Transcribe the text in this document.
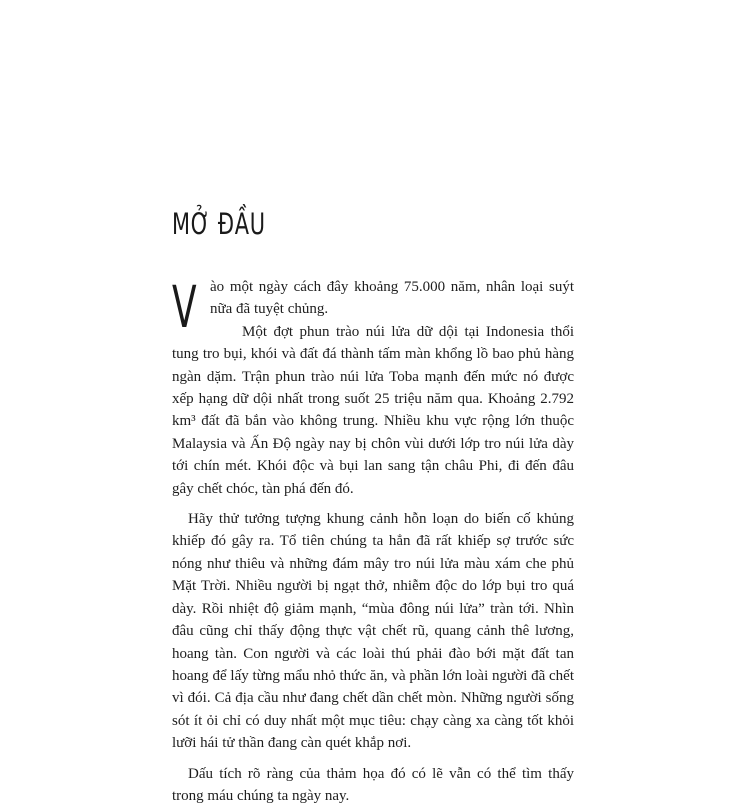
MỞ ĐẦU

V ào một ngày cách đây khoảng 75.000 năm, nhân loại suýt nữa đã tuyệt chủng.

Một đợt phun trào núi lửa dữ dội tại Indonesia thổi tung tro bụi, khói và đất đá thành tấm màn khổng lồ bao phủ hàng ngàn dặm. Trận phun trào núi lửa Toba mạnh đến mức nó được xếp hạng dữ dội nhất trong suốt 25 triệu năm qua. Khoảng 2.792 km³ đất đã bắn vào không trung. Nhiều khu vực rộng lớn thuộc Malaysia và Ấn Độ ngày nay bị chôn vùi dưới lớp tro núi lửa dày tới chín mét. Khói độc và bụi lan sang tận châu Phi, đi đến đâu gây chết chóc, tàn phá đến đó.

Hãy thử tưởng tượng khung cảnh hỗn loạn do biến cố khủng khiếp đó gây ra. Tổ tiên chúng ta hẳn đã rất khiếp sợ trước sức nóng như thiêu và những đám mây tro núi lửa màu xám che phủ Mặt Trời. Nhiều người bị ngạt thở, nhiễm độc do lớp bụi tro quá dày. Rồi nhiệt độ giảm mạnh, “mùa đông núi lửa” tràn tới. Nhìn đâu cũng chỉ thấy động thực vật chết rũ, quang cảnh thê lương, hoang tàn. Con người và các loài thú phải đào bới mặt đất tan hoang để lấy từng mẩu nhỏ thức ăn, và phần lớn loài người đã chết vì đói. Cả địa cầu như đang chết dần chết mòn. Những người sống sót ít ỏi chỉ có duy nhất một mục tiêu: chạy càng xa càng tốt khỏi lưỡi hái tử thần đang càn quét khắp nơi.

Dấu tích rõ ràng của thảm họa đó có lẽ vẫn có thể tìm thấy trong máu chúng ta ngày nay.
